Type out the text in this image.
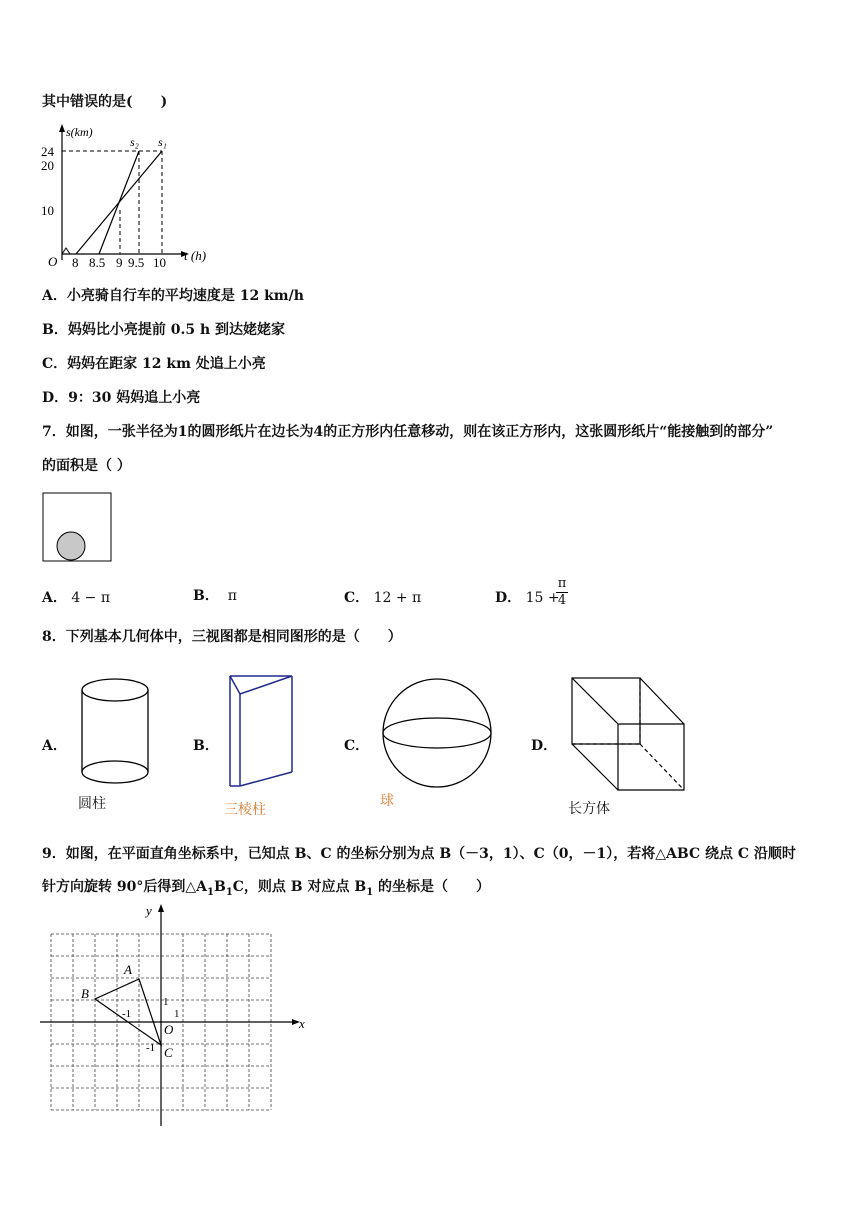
其中错误的是(　　)
s(km)
t (h)
O
24
20
10
8 8.5 9 9.5 10
s₂ s₁
A．小亮骑自行车的平均速度是 12 km/h
B．妈妈比小亮提前 0.5 h 到达姥姥家
C．妈妈在距家 12 km 处追上小亮
D．9：30 妈妈追上小亮
7．如图，一张半径为1的圆形纸片在边长为4的正方形内任意移动，则在该正方形内，这张圆形纸片“能接触到的部分”
的面积是（ ）
A． 4 − π	B． π	C． 12 + π	D． 15 +
π
4
8．下列基本几何体中，三视图都是相同图形的是（　　）
A．
圆柱
B．
三棱柱
C．
球
D．
长方体
9．如图，在平面直角坐标系中，已知点 B、C 的坐标分别为点 B（－3，1）、C（0，－1），若将△ABC 绕点 C 沿顺时
针方向旋转 90°后得到$\triangle A_1B_1C$，则点 B 对应点 $B_1$ 的坐标是（　　）
x
y
A
B
C
O
1
1
-1
-1
